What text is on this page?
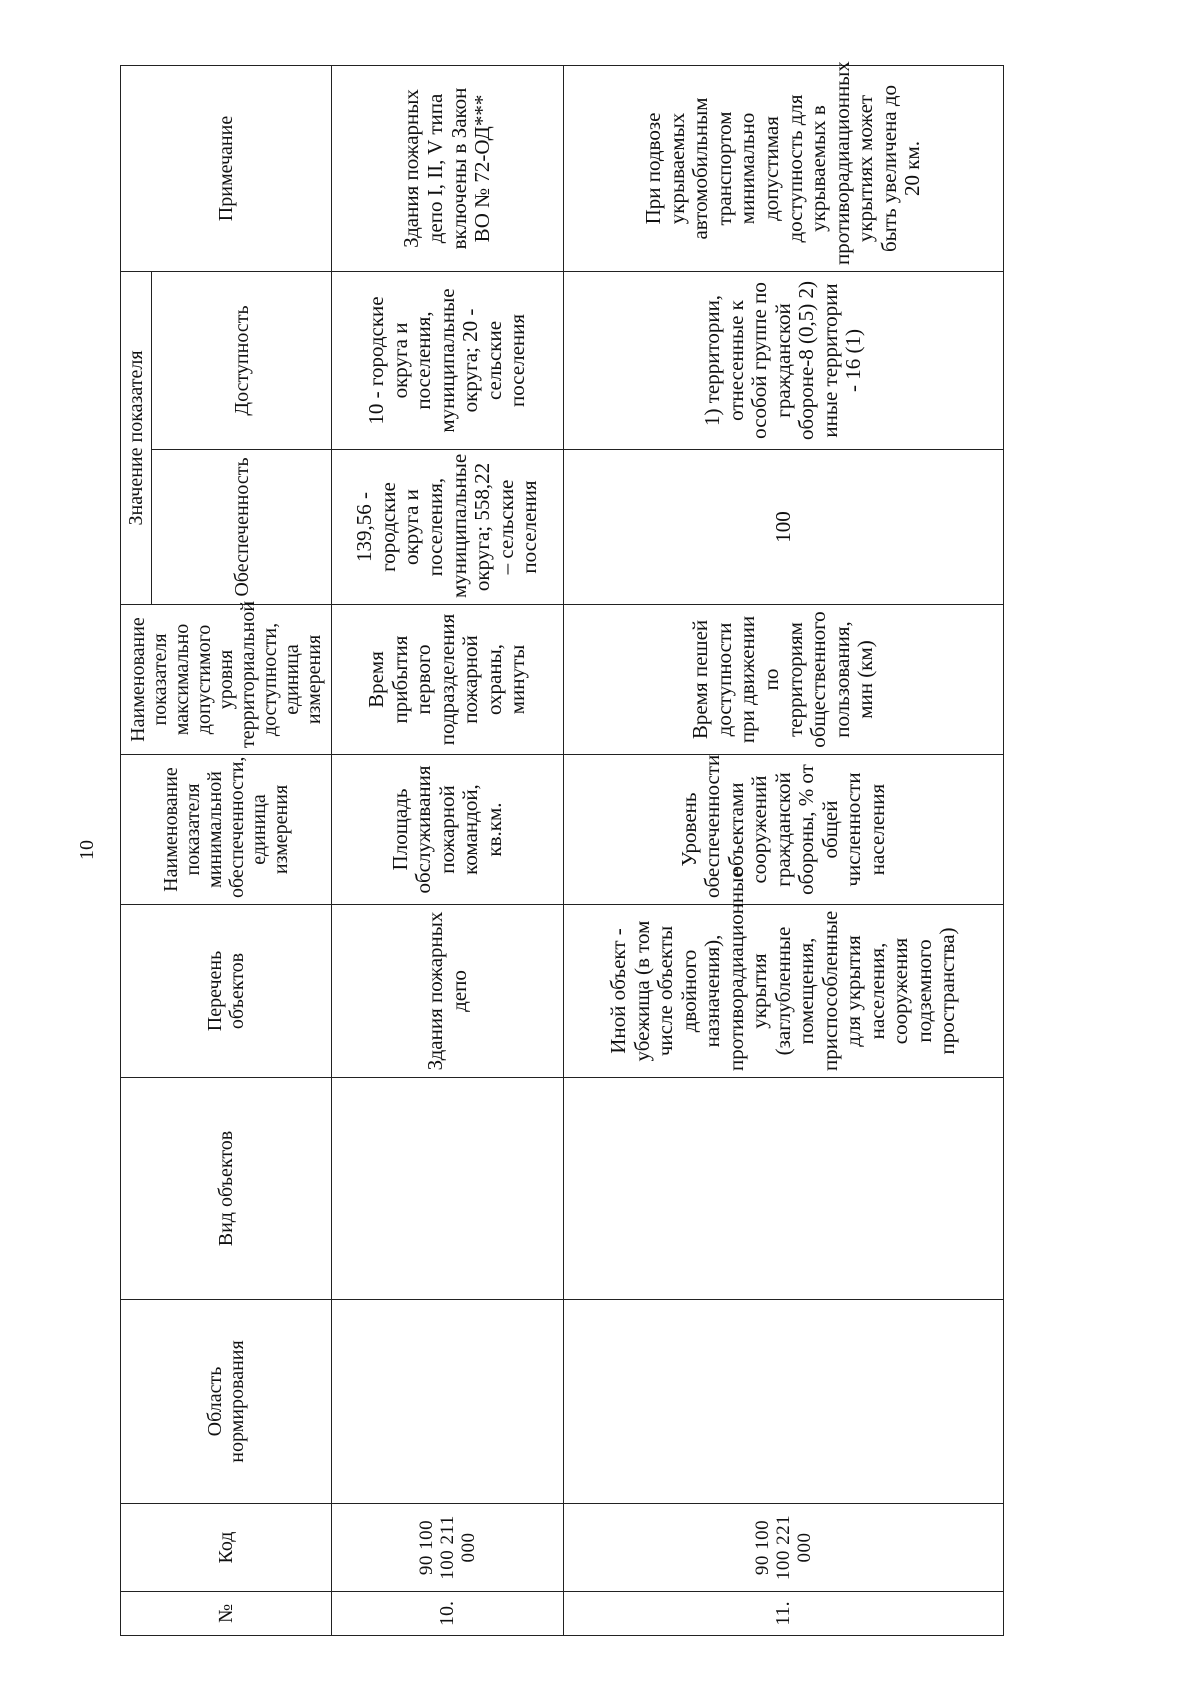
10
№	Код	Область нормирования	Вид объектов	Перечень объектов	Наименование показателя минимальной обеспеченности, единица измерения	Наименование показателя максимально допустимого уровня территориальной доступности, единица измерения	Значение показателя		Примечание
							Обеспеченность	Доступность	
10.	90 100 100 211 000			Здания пожарных депо	Площадь обслуживания пожарной командой, кв.км.	Время прибытия первого подразделения пожарной охраны, минуты	139,56 - городские округа и поселения, муниципальные округа; 558,22 – сельские поселения	10 - городские округа и поселения, муниципальные округа; 20 - сельские поселения	Здания пожарных депо I, II, V типа включены в Закон ВО № 72-ОД***
11.	90 100 100 221 000			Иной объект - убежища (в том числе объекты двойного назначения), противорадиационные укрытия (заглубленные помещения, приспособленные для укрытия населения, сооружения подземного пространства)	Уровень обеспеченности объектами сооружений гражданской обороны, % от общей численности населения	Время пешей доступности при движении по территориям общественного пользования, мин (км)	100	1) территории, отнесенные к особой группе по гражданской обороне-8 (0,5) 2) иные территории - 16 (1)	При подвозе укрываемых автомобильным транспортом минимально допустимая доступность для укрываемых в противорадиационных укрытиях может быть увеличена до 20 км.
